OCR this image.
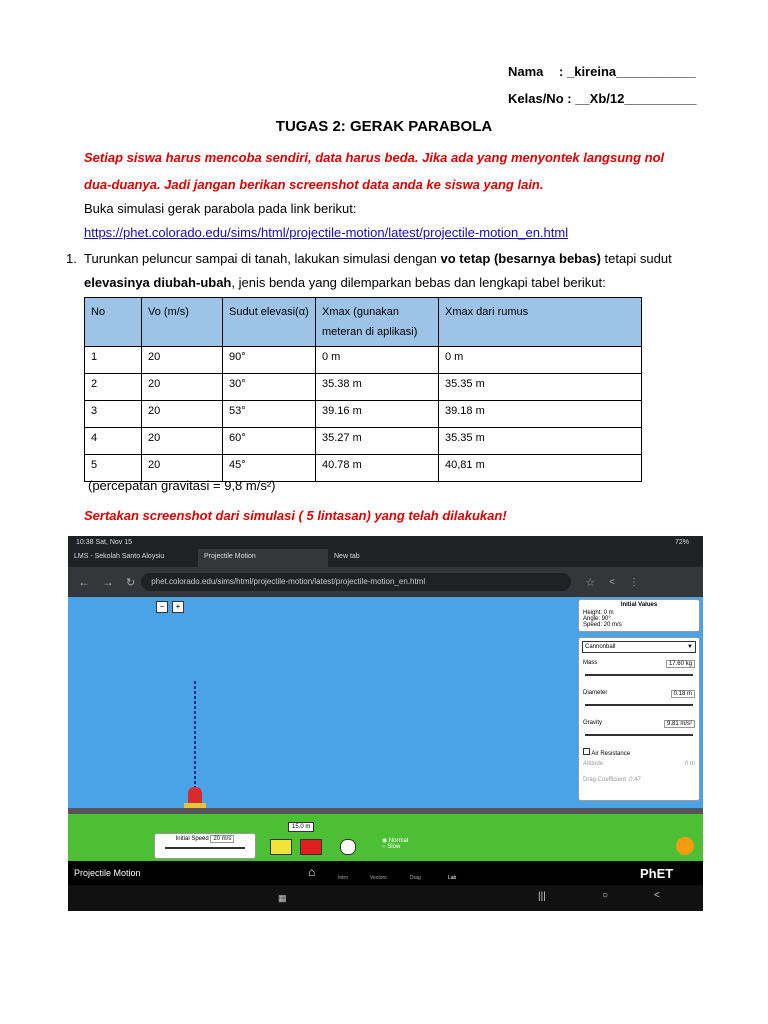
Nama : _kireina___________
Kelas/No : __Xb/12__________
TUGAS 2: GERAK PARABOLA
Setiap siswa harus mencoba sendiri, data harus beda. Jika ada yang menyontek langsung nol
dua-duanya. Jadi jangan berikan screenshot data anda ke siswa yang lain.
Buka simulasi gerak parabola pada link berikut:
https://phet.colorado.edu/sims/html/projectile-motion/latest/projectile-motion_en.html
1. Turunkan peluncur sampai di tanah, lakukan simulasi dengan vo tetap (besarnya bebas) tetapi sudut
elevasinya diubah-ubah, jenis benda yang dilemparkan bebas dan lengkapi tabel berikut:
No	Vo (m/s)	Sudut elevasi(α)	Xmax (gunakan meteran di aplikasi)	Xmax dari rumus
1	20	90°	0 m	0 m
2	20	30°	35.38 m	35.35 m
3	20	53°	39.16 m	39.18 m
4	20	60°	35.27 m	35.35 m
5	20	45°	40.78 m	40,81 m
(percepatan gravitasi = 9,8 m/s²)
Sertakan screenshot dari simulasi ( 5 lintasan) yang telah dilakukan!
10:38 Sat, Nov 15	72%
LMS - Sekolah Santo Aloysiu	Projectile Motion	New tab
← → ↻	phet.colorado.edu/sims/html/projectile-motion/latest/projectile-motion_en.html	☆ < ⋮
−	+
15.0 m
Initial Values
Height: 0 m
Angle: 90°
Speed: 20 m/s
Cannonball	▼
Mass	17.60 kg
Diameter	0.18 m
Gravity	9.81 m/s²
Air Resistance
Altitude	0 m
Drag Coefficient: 0.47
Initial Speed 20 m/s	◉ Normal
○ Slow
Projectile Motion	⌂	Intro	Vectors	Drag	Lab	PhET
▦	|||	○	<
